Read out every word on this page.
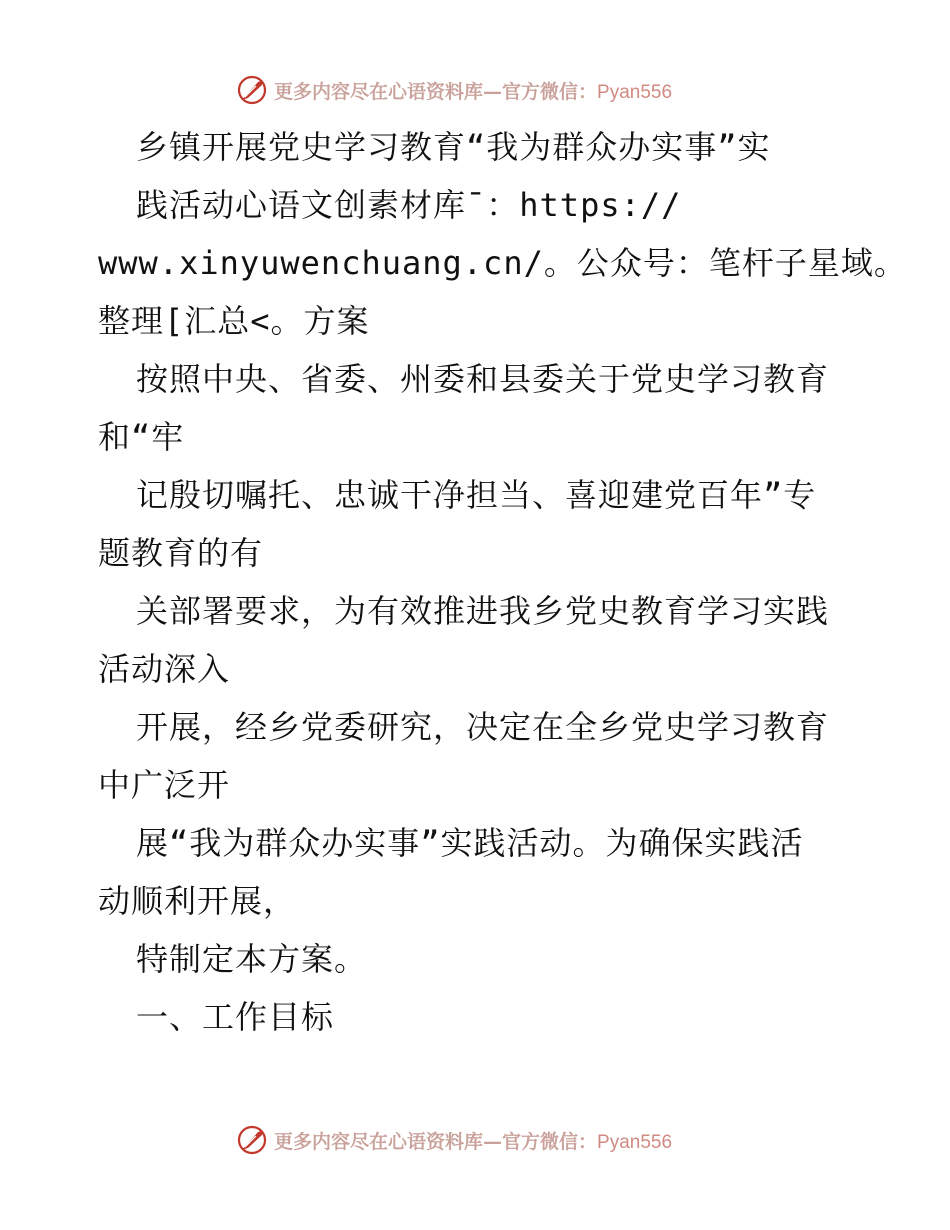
更多内容尽在心语资料库—官方微信：Pyan556
乡镇开展党史学习教育“我为群众办实事”实
践活动心语文创素材库¯：https://
www.xinyuwenchuang.cn/。公众号：笔杆子星域。
整理[汇总<。方案
按照中央、省委、州委和县委关于党史学习教育
和“牢
记殷切嘱托、忠诚干净担当、喜迎建党百年”专
题教育的有
关部署要求，为有效推进我乡党史教育学习实践
活动深入
开展，经乡党委研究，决定在全乡党史学习教育
中广泛开
展“我为群众办实事”实践活动。为确保实践活
动顺利开展，
特制定本方案。
一、工作目标
更多内容尽在心语资料库—官方微信：Pyan556
